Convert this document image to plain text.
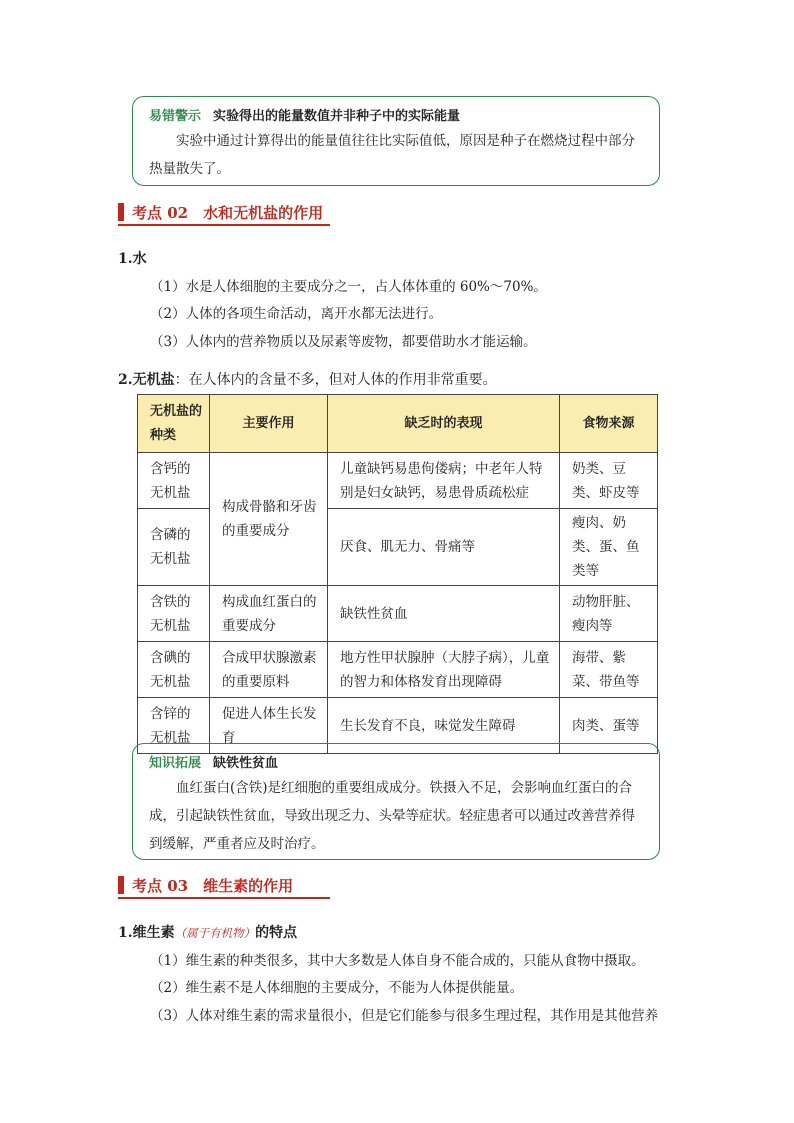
易错警示 实验得出的能量数值并非种子中的实际能量
实验中通过计算得出的能量值往往比实际值低，原因是种子在燃烧过程中部分热量散失了。
考点 02　水和无机盐的作用
1.水
（1）水是人体细胞的主要成分之一，占人体体重的 60%～70%。
（2）人体的各项生命活动，离开水都无法进行。
（3）人体内的营养物质以及尿素等废物，都要借助水才能运输。
2.无机盐：在人体内的含量不多，但对人体的作用非常重要。
无机盐的种类	主要作用	缺乏时的表现	食物来源
含钙的无机盐	构成骨骼和牙齿的重要成分	儿童缺钙易患佝偻病；中老年人特别是妇女缺钙，易患骨质疏松症	奶类、豆类、虾皮等
含磷的无机盐		厌食、肌无力、骨痛等	瘦肉、奶类、蛋、鱼类等
含铁的无机盐	构成血红蛋白的重要成分	缺铁性贫血	动物肝脏、瘦肉等
含碘的无机盐	合成甲状腺激素的重要原料	地方性甲状腺肿（大脖子病），儿童的智力和体格发育出现障碍	海带、紫菜、带鱼等
含锌的无机盐	促进人体生长发育	生长发育不良，味觉发生障碍	肉类、蛋等
知识拓展 缺铁性贫血
血红蛋白(含铁)是红细胞的重要组成成分。铁摄入不足，会影响血红蛋白的合成，引起缺铁性贫血，导致出现乏力、头晕等症状。轻症患者可以通过改善营养得到缓解，严重者应及时治疗。
考点 03　维生素的作用
1.维生素（属于有机物）的特点
（1）维生素的种类很多，其中大多数是人体自身不能合成的，只能从食物中摄取。
（2）维生素不是人体细胞的主要成分，不能为人体提供能量。
（3）人体对维生素的需求量很小，但是它们能参与很多生理过程，其作用是其他营养
